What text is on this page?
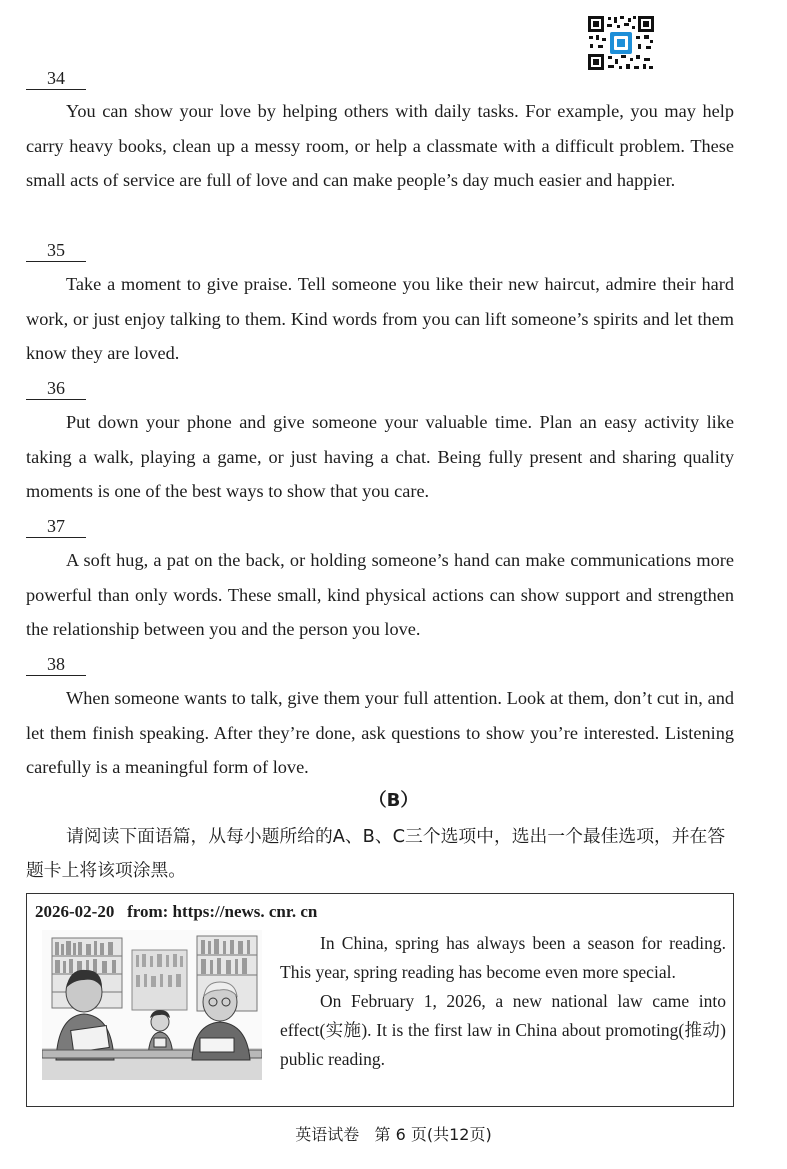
34

You can show your love by helping others with daily tasks. For example, you may help carry heavy books, clean up a messy room, or help a classmate with a difficult problem. These small acts of service are full of love and can make people’s day much easier and happier.

35

Take a moment to give praise. Tell someone you like their new haircut, admire their hard work, or just enjoy talking to them. Kind words from you can lift someone’s spirits and let them know they are loved.

36

Put down your phone and give someone your valuable time. Plan an easy activity like taking a walk, playing a game, or just having a chat. Being fully present and sharing quality moments is one of the best ways to show that you care.

37

A soft hug, a pat on the back, or holding someone’s hand can make communications more powerful than only words. These small, kind physical actions can show support and strengthen the relationship between you and the person you love.

38

When someone wants to talk, give them your full attention. Look at them, don’t cut in, and let them finish speaking. After they’re done, ask questions to show you’re interested. Listening carefully is a meaningful form of love.

（B）

请阅读下面语篇，从每小题所给的A、B、C三个选项中，选出一个最佳选项，并在答题卡上将该项涂黑。

2026-02-20   from: https://news. cnr. cn

In China, spring has always been a season for reading. This year, spring reading has become even more special.

On February 1, 2026, a new national law came into effect(实施). It is the first law in China about promoting(推动) public reading.

英语试卷   第 6 页(共12页)
